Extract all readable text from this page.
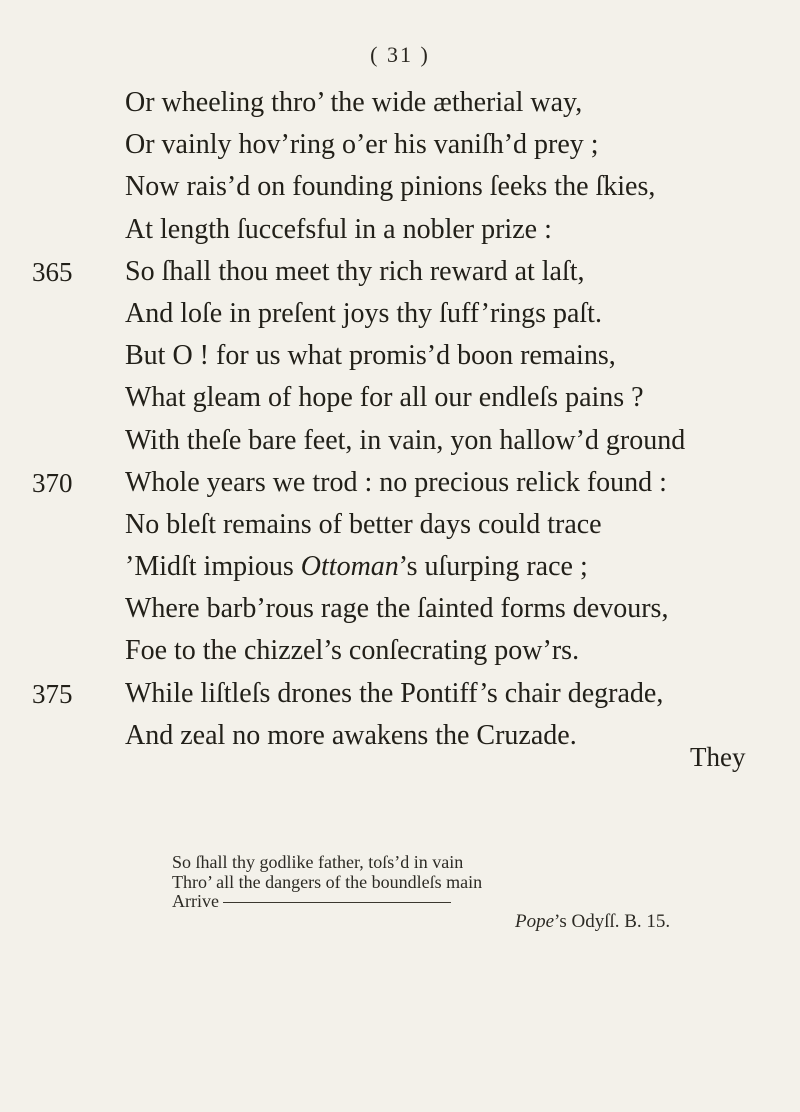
( 31 )
Or wheeling thro’ the wide ætherial way,
Or vainly hov’ring o’er his vaniſh’d prey ;
Now rais’d on founding pinions ſeeks the ſkies,
At length ſuccefsful in a nobler prize :
365 So ſhall thou meet thy rich reward at laſt,
And loſe in preſent joys thy ſuff’rings paſt.
But O ! for us what promis’d boon remains,
What gleam of hope for all our endleſs pains ?
With theſe bare feet, in vain, yon hallow’d ground
370 Whole years we trod : no precious relick found :
No bleſt remains of better days could trace
’Midſt impious Ottoman’s uſurping race ;
Where barb’rous rage the ſainted forms devours,
Foe to the chizzel’s conſecrating pow’rs.
375 While liſtleſs drones the Pontiff’s chair degrade,
And zeal no more awakens the Cruzade.
They
So ſhall thy godlike father, toſs’d in vain
Thro’ all the dangers of the boundleſs main
Arrive
Pope’s Odyſſ. B. 15.
